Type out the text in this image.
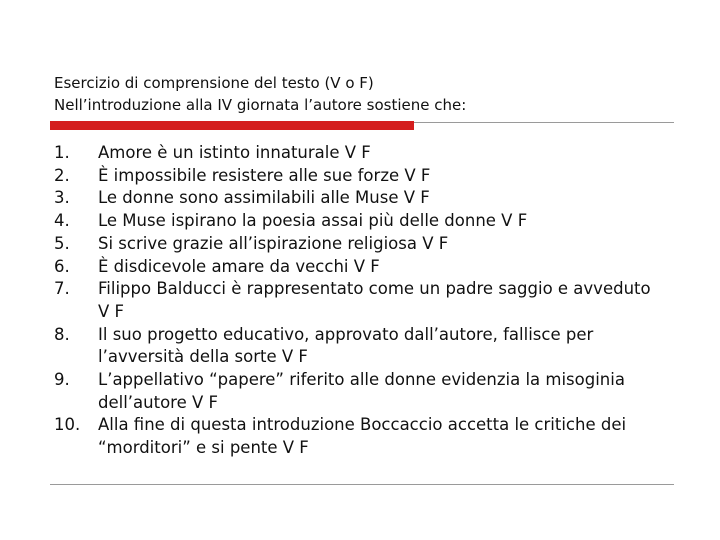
Esercizio di comprensione del testo (V o F)
Nell’introduzione alla IV giornata l’autore sostiene che:
1.	Amore è un istinto innaturale V F
2.	È impossibile resistere alle sue forze V F
3.	Le donne sono assimilabili alle Muse V F
4.	Le Muse ispirano la poesia assai più delle donne V F
5.	Si scrive grazie all’ispirazione religiosa V F
6.	È disdicevole amare da vecchi V F
7.	Filippo Balducci è rappresentato come un padre saggio e avveduto V F
8.	Il suo progetto educativo, approvato dall’autore, fallisce per l’avversità della sorte V F
9.	L’appellativo “papere” riferito alle donne evidenzia la misoginia dell’autore V F
10.	Alla fine di questa introduzione Boccaccio accetta le critiche dei “morditori” e si pente V F
